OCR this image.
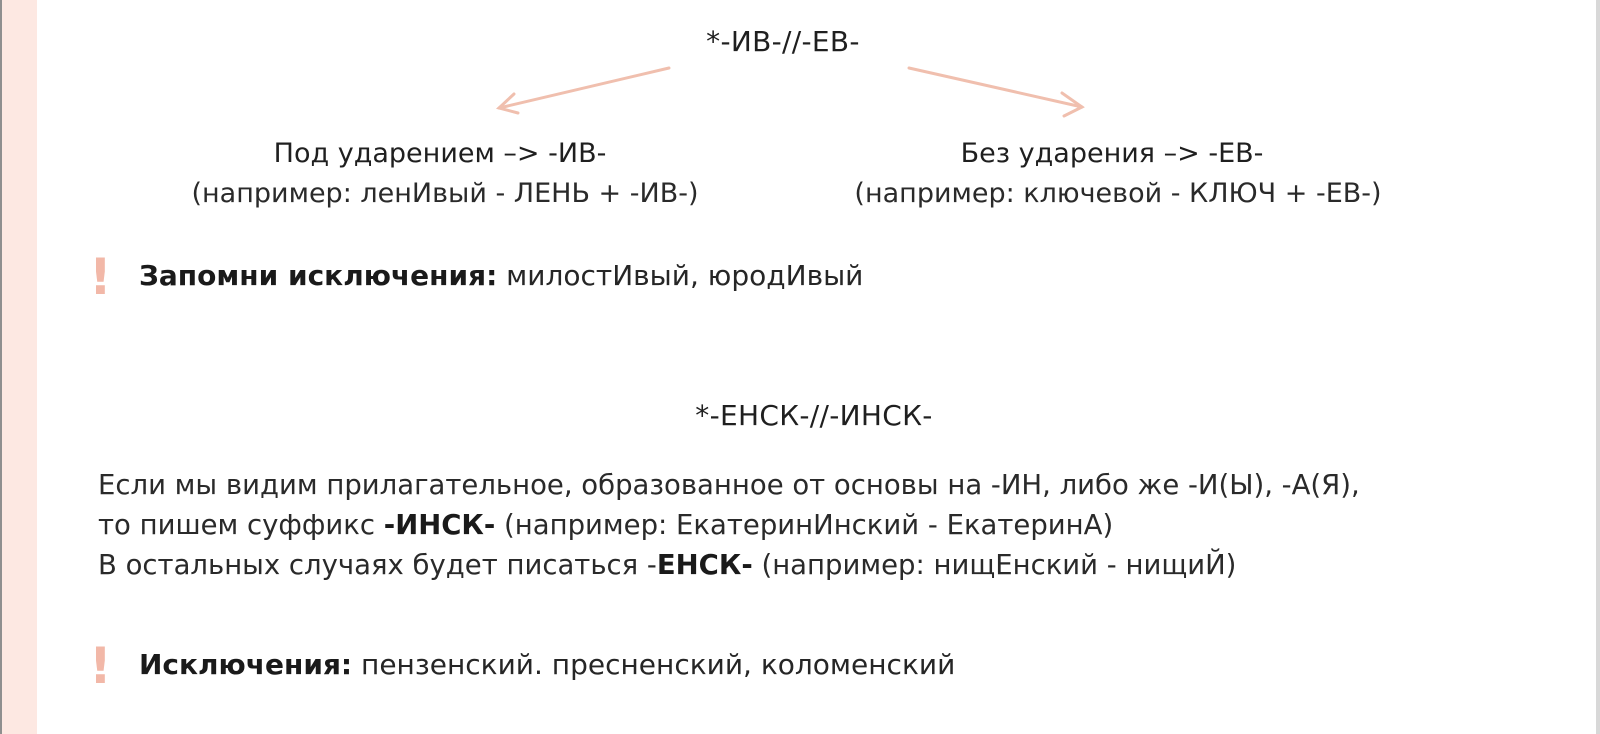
*-ИВ-//-ЕВ-
Под ударением –> -ИВ-
(например: ленИвый - ЛЕНЬ + -ИВ-)
Без ударения –> -ЕВ-
(например: ключевой - КЛЮЧ + -ЕВ-)
! Запомни исключения: милостИвый, юродИвый
*-ЕНСК-//-ИНСК-
Если мы видим прилагательное, образованное от основы на -ИН, либо же -И(Ы), -А(Я),
то пишем суффикс -ИНСК- (например: ЕкатеринИнский - ЕкатеринА)
В остальных случаях будет писаться -ЕНСК- (например: нищЕнский - нищиЙ)
! Исключения: пензенский. пресненский, коломенский
